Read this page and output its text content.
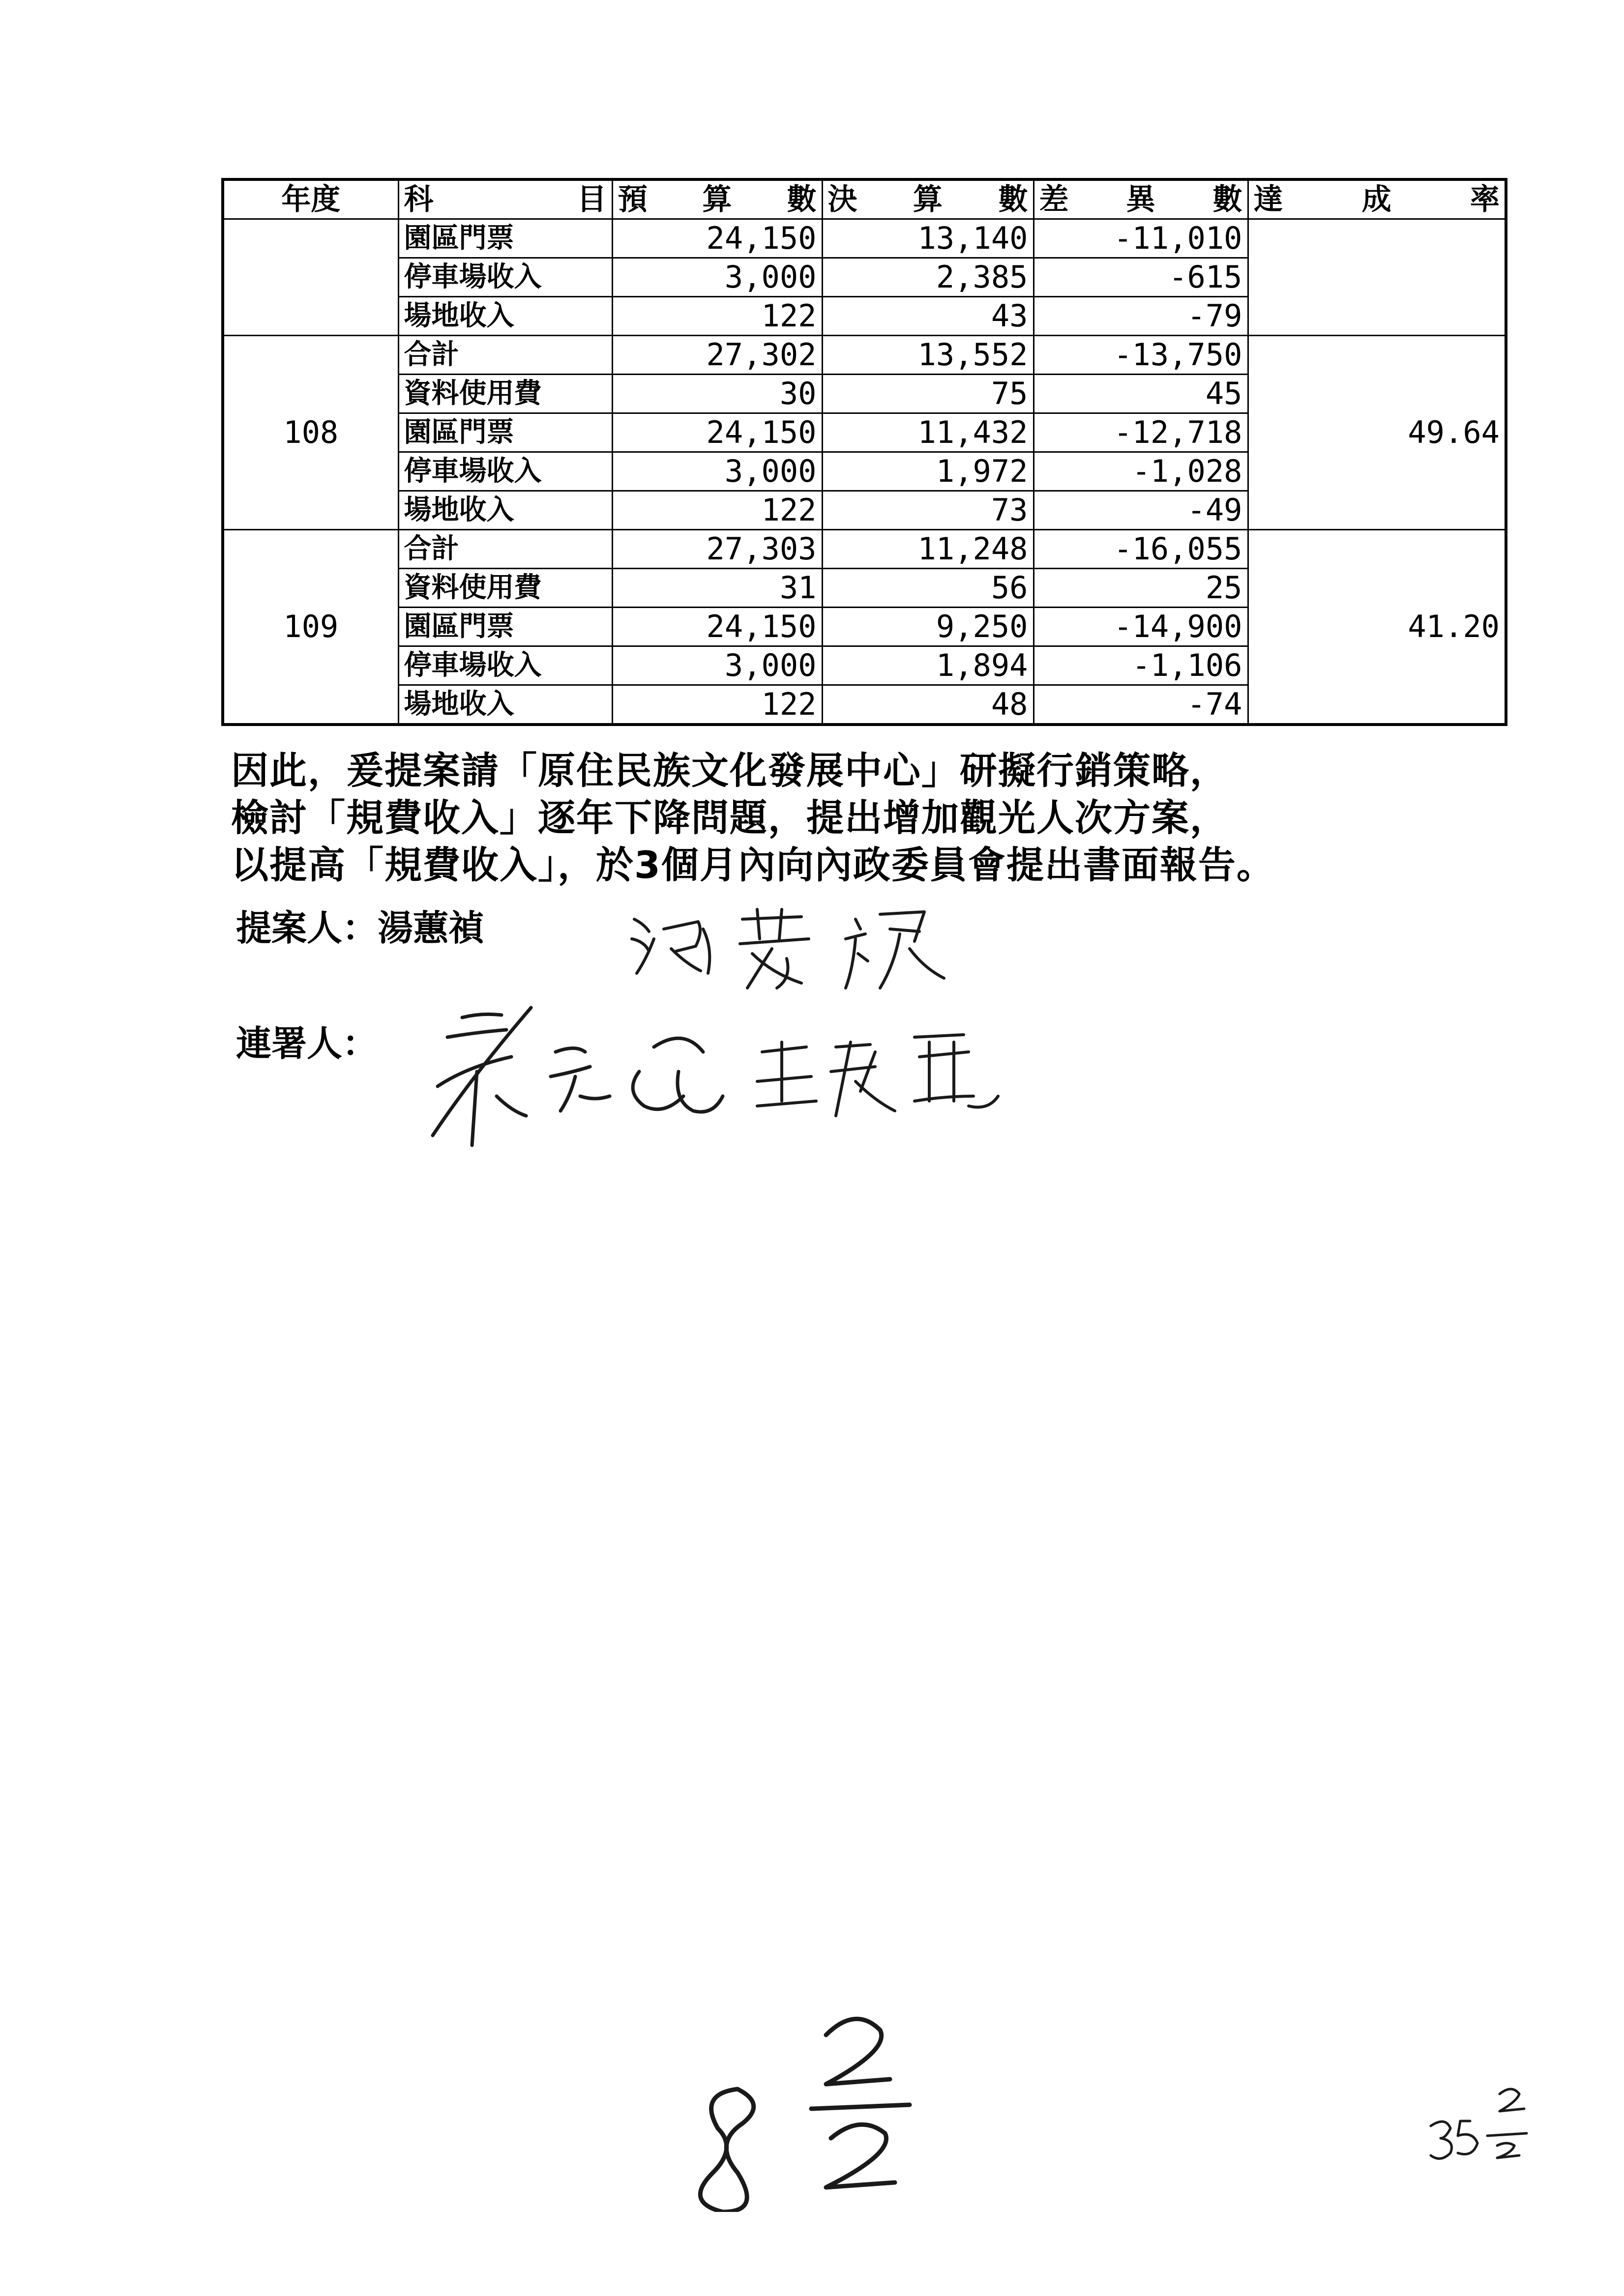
年度	科 目	預 算 數	決 算 數	差 異 數	達 成 率

	園區門票	24,150	13,140	-11,010	
	停車場收入	3,000	2,385	-615	
	場地收入	122	43	-79	
108	合計	27,302	13,552	-13,750	49.64
	資料使用費	30	75	45	
	園區門票	24,150	11,432	-12,718	
	停車場收入	3,000	1,972	-1,028	
	場地收入	122	73	-49	
109	合計	27,303	11,248	-16,055	41.20
	資料使用費	31	56	25	
	園區門票	24,150	9,250	-14,900	
	停車場收入	3,000	1,894	-1,106	
	場地收入	122	48	-74	

因此，爰提案請「原住民族文化發展中心」研擬行銷策略，

檢討「規費收入」逐年下降問題，提出增加觀光人次方案，

以提高「規費收入」，於3個月內向內政委員會提出書面報告。

提案人：湯蕙禎
連署人：
